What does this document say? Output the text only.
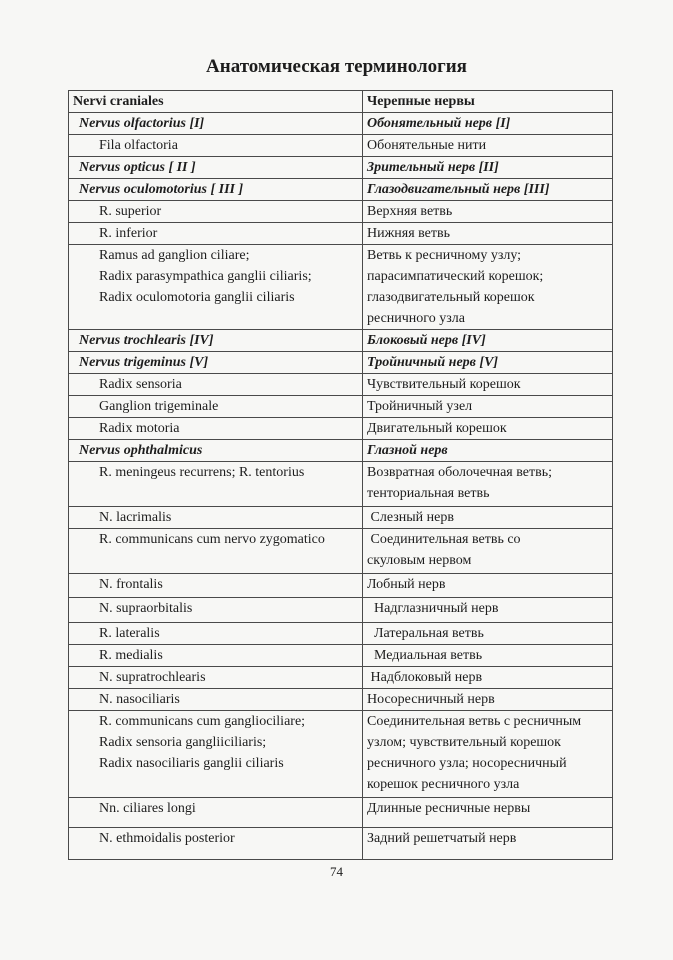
Анатомическая терминология
Nervi craniales	Черепные нервы

Nervus olfactorius [I]	Обонятельный нерв [I]

Fila olfactoria	Обонятельные нити

Nervus opticus [ II ]	Зрительный нерв [II]

Nervus oculomotorius [ III ]	Глазодвигательный нерв [III]

R. superior	Верхняя ветвь

R. inferior	Нижняя ветвь

Ramus ad ganglion ciliare;
Radix parasympathica ganglii ciliaris;
Radix oculomotoria ganglii ciliaris	Ветвь к ресничному узлу;
парасимпатический корешок;
глазодвигательный корешок
ресничного узла

Nervus trochlearis [IV]	Блоковый нерв [IV]

Nervus trigeminus [V]	Тройничный нерв [V]

Radix sensoria	Чувствительный корешок

Ganglion trigeminale	Тройничный узел

Radix motoria	Двигательный корешок

Nervus ophthalmicus	Глазной нерв

R. meningeus recurrens; R. tentorius	Возвратная оболочечная ветвь;
тенториальная ветвь

N. lacrimalis	Слезный нерв

R. communicans cum nervo zygomatico	Соединительная ветвь со
скуловым нервом

N. frontalis	Лобный нерв

N. supraorbitalis	Надглазничный нерв

R. lateralis	Латеральная ветвь

R. medialis	Медиальная ветвь

N. supratrochlearis	Надблоковый нерв

N. nasociliaris	Носоресничный нерв

R. communicans cum gangliociliare;
Radix sensoria gangliiciliaris;
Radix nasociliaris ganglii ciliaris	Соединительная ветвь с ресничным
узлом; чувствительный корешок
ресничного узла; носоресничный
корешок ресничного узла

Nn. ciliares longi	Длинные ресничные нервы

N. ethmoidalis posterior	Задний решетчатый нерв
74
